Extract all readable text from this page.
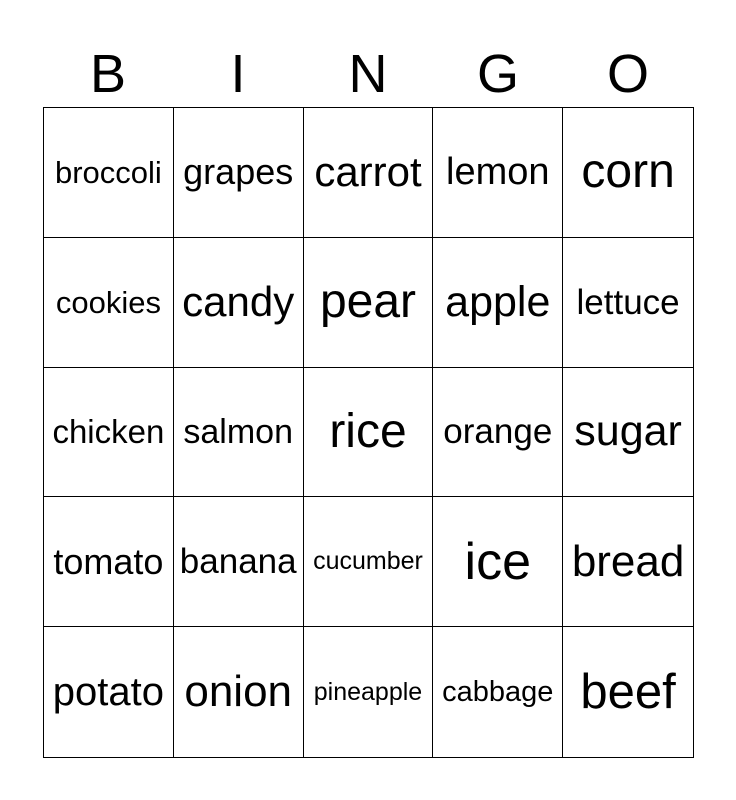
B	I	N	G	O
broccoli grapes carrot lemon corn
cookies candy pear apple lettuce
chicken salmon rice	orange sugar
tomato banana cucumber ice bread
potato onion pineapple cabbage beef
